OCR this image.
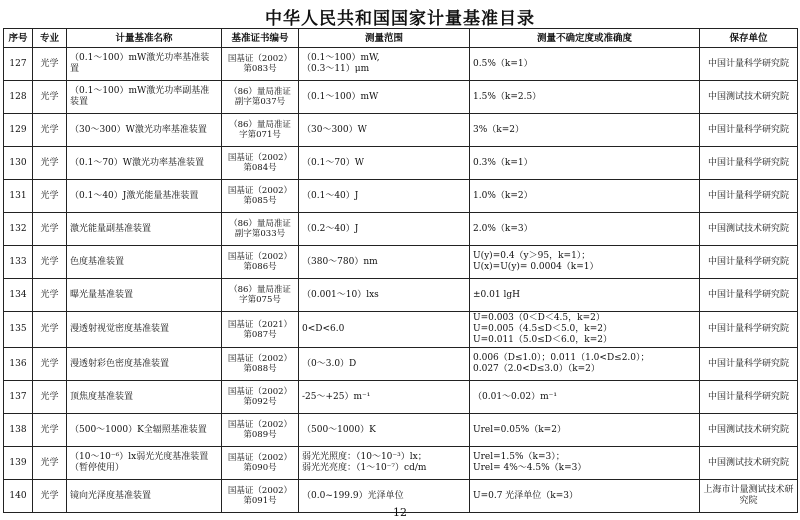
中华人民共和国国家计量基准目录
序号	专业	计量基准名称	基准证书编号	测量范围	测量不确定度或准确度	保存单位
127	光学	（0.1～100）mW激光功率基准装置	国基证（2002）
第083号	（0.1～100）mW,
（0.3～11）μm	0.5%（k=1）	中国计量科学研究院
128	光学	（0.1～100）mW激光功率副基准装置	（86）量局准证
副字第037号	（0.1～100）mW	1.5%（k=2.5）	中国测试技术研究院
129	光学	（30～300）W激光功率基准装置	（86）量局准证
字第071号	（30～300）W	3%（k=2）	中国计量科学研究院
130	光学	（0.1～70）W激光功率基准装置	国基证（2002）
第084号	（0.1～70）W	0.3%（k=1）	中国计量科学研究院
131	光学	（0.1～40）J激光能量基准装置	国基证（2002）
第085号	（0.1～40）J	1.0%（k=2）	中国计量科学研究院
132	光学	激光能量副基准装置	（86）量局准证
副字第033号	（0.2～40）J	2.0%（k=3）	中国测试技术研究院
133	光学	色度基准装置	国基证（2002）
第086号	（380～780）nm	U(y)=0.4（y＞95，k=1）；
U(x)=U(y)= 0.0004（k=1）	中国计量科学研究院
134	光学	曝光量基准装置	（86）量局准证
字第075号	（0.001～10）lxs	±0.01 lgH	中国计量科学研究院
135	光学	漫透射视觉密度基准装置	国基证（2021）
第087号	0<D<6.0	U=0.003（0＜D＜4.5，k=2）
U=0.005（4.5≤D＜5.0，k=2）
U=0.011（5.0≤D＜6.0，k=2）	中国计量科学研究院
136	光学	漫透射彩色密度基准装置	国基证（2002）
第088号	（0～3.0）D	0.006（D≤1.0）；0.011（1.0<D≤2.0）；
0.027（2.0<D≤3.0）（k=2）	中国计量科学研究院
137	光学	顶焦度基准装置	国基证（2002）
第092号	-25～+25）m⁻¹	（0.01～0.02）m⁻¹	中国计量科学研究院
138	光学	（500～1000）K全辐照基准装置	国基证（2002）
第089号	（500～1000）K	Urel=0.05%（k=2）	中国测试技术研究院
139	光学	（10～10⁻⁶）lx弱光光度基准装置（暂停使用）	国基证（2002）
第090号	弱光光照度：（10～10⁻³）lx；
弱光光亮度：（1～10⁻⁷）cd/m	Urel=1.5%（k=3）；
Urel= 4%～4.5%（k=3）	中国测试技术研究院
140	光学	镜向光泽度基准装置	国基证（2002）
第091号	（0.0~199.9）光泽单位	U=0.7 光泽单位（k=3）	上海市计量测试技术研究院
12
